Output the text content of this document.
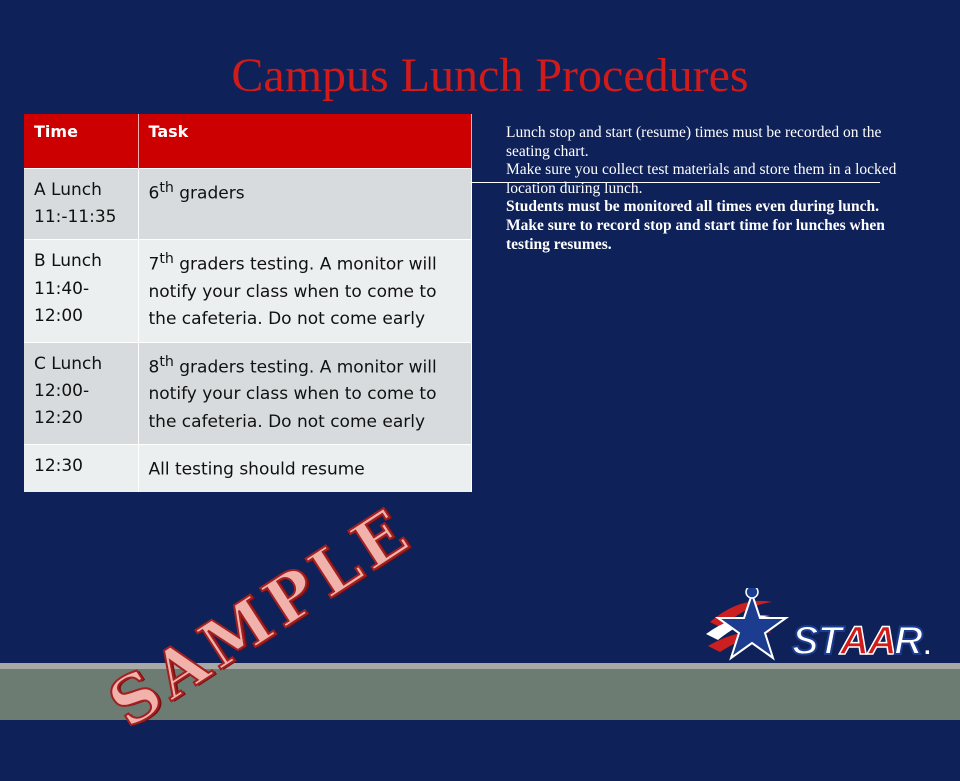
Campus Lunch Procedures
Time	Task
A Lunch 11:-11:35	6th graders
B Lunch 11:40-12:00	7th graders testing. A monitor will notify your class when to come to the cafeteria. Do not come early
C Lunch 12:00-12:20	8th graders testing. A monitor will notify your class when to come to the cafeteria. Do not come early
12:30	All testing should resume

Lunch stop and start (resume) times must be recorded on the seating chart.

Make sure you collect test materials and store them in a locked location during lunch.

Students must be monitored all times even during lunch.

Make sure to record stop and start time for lunches when testing resumes.

SAMPLE	ST
AA
R .
